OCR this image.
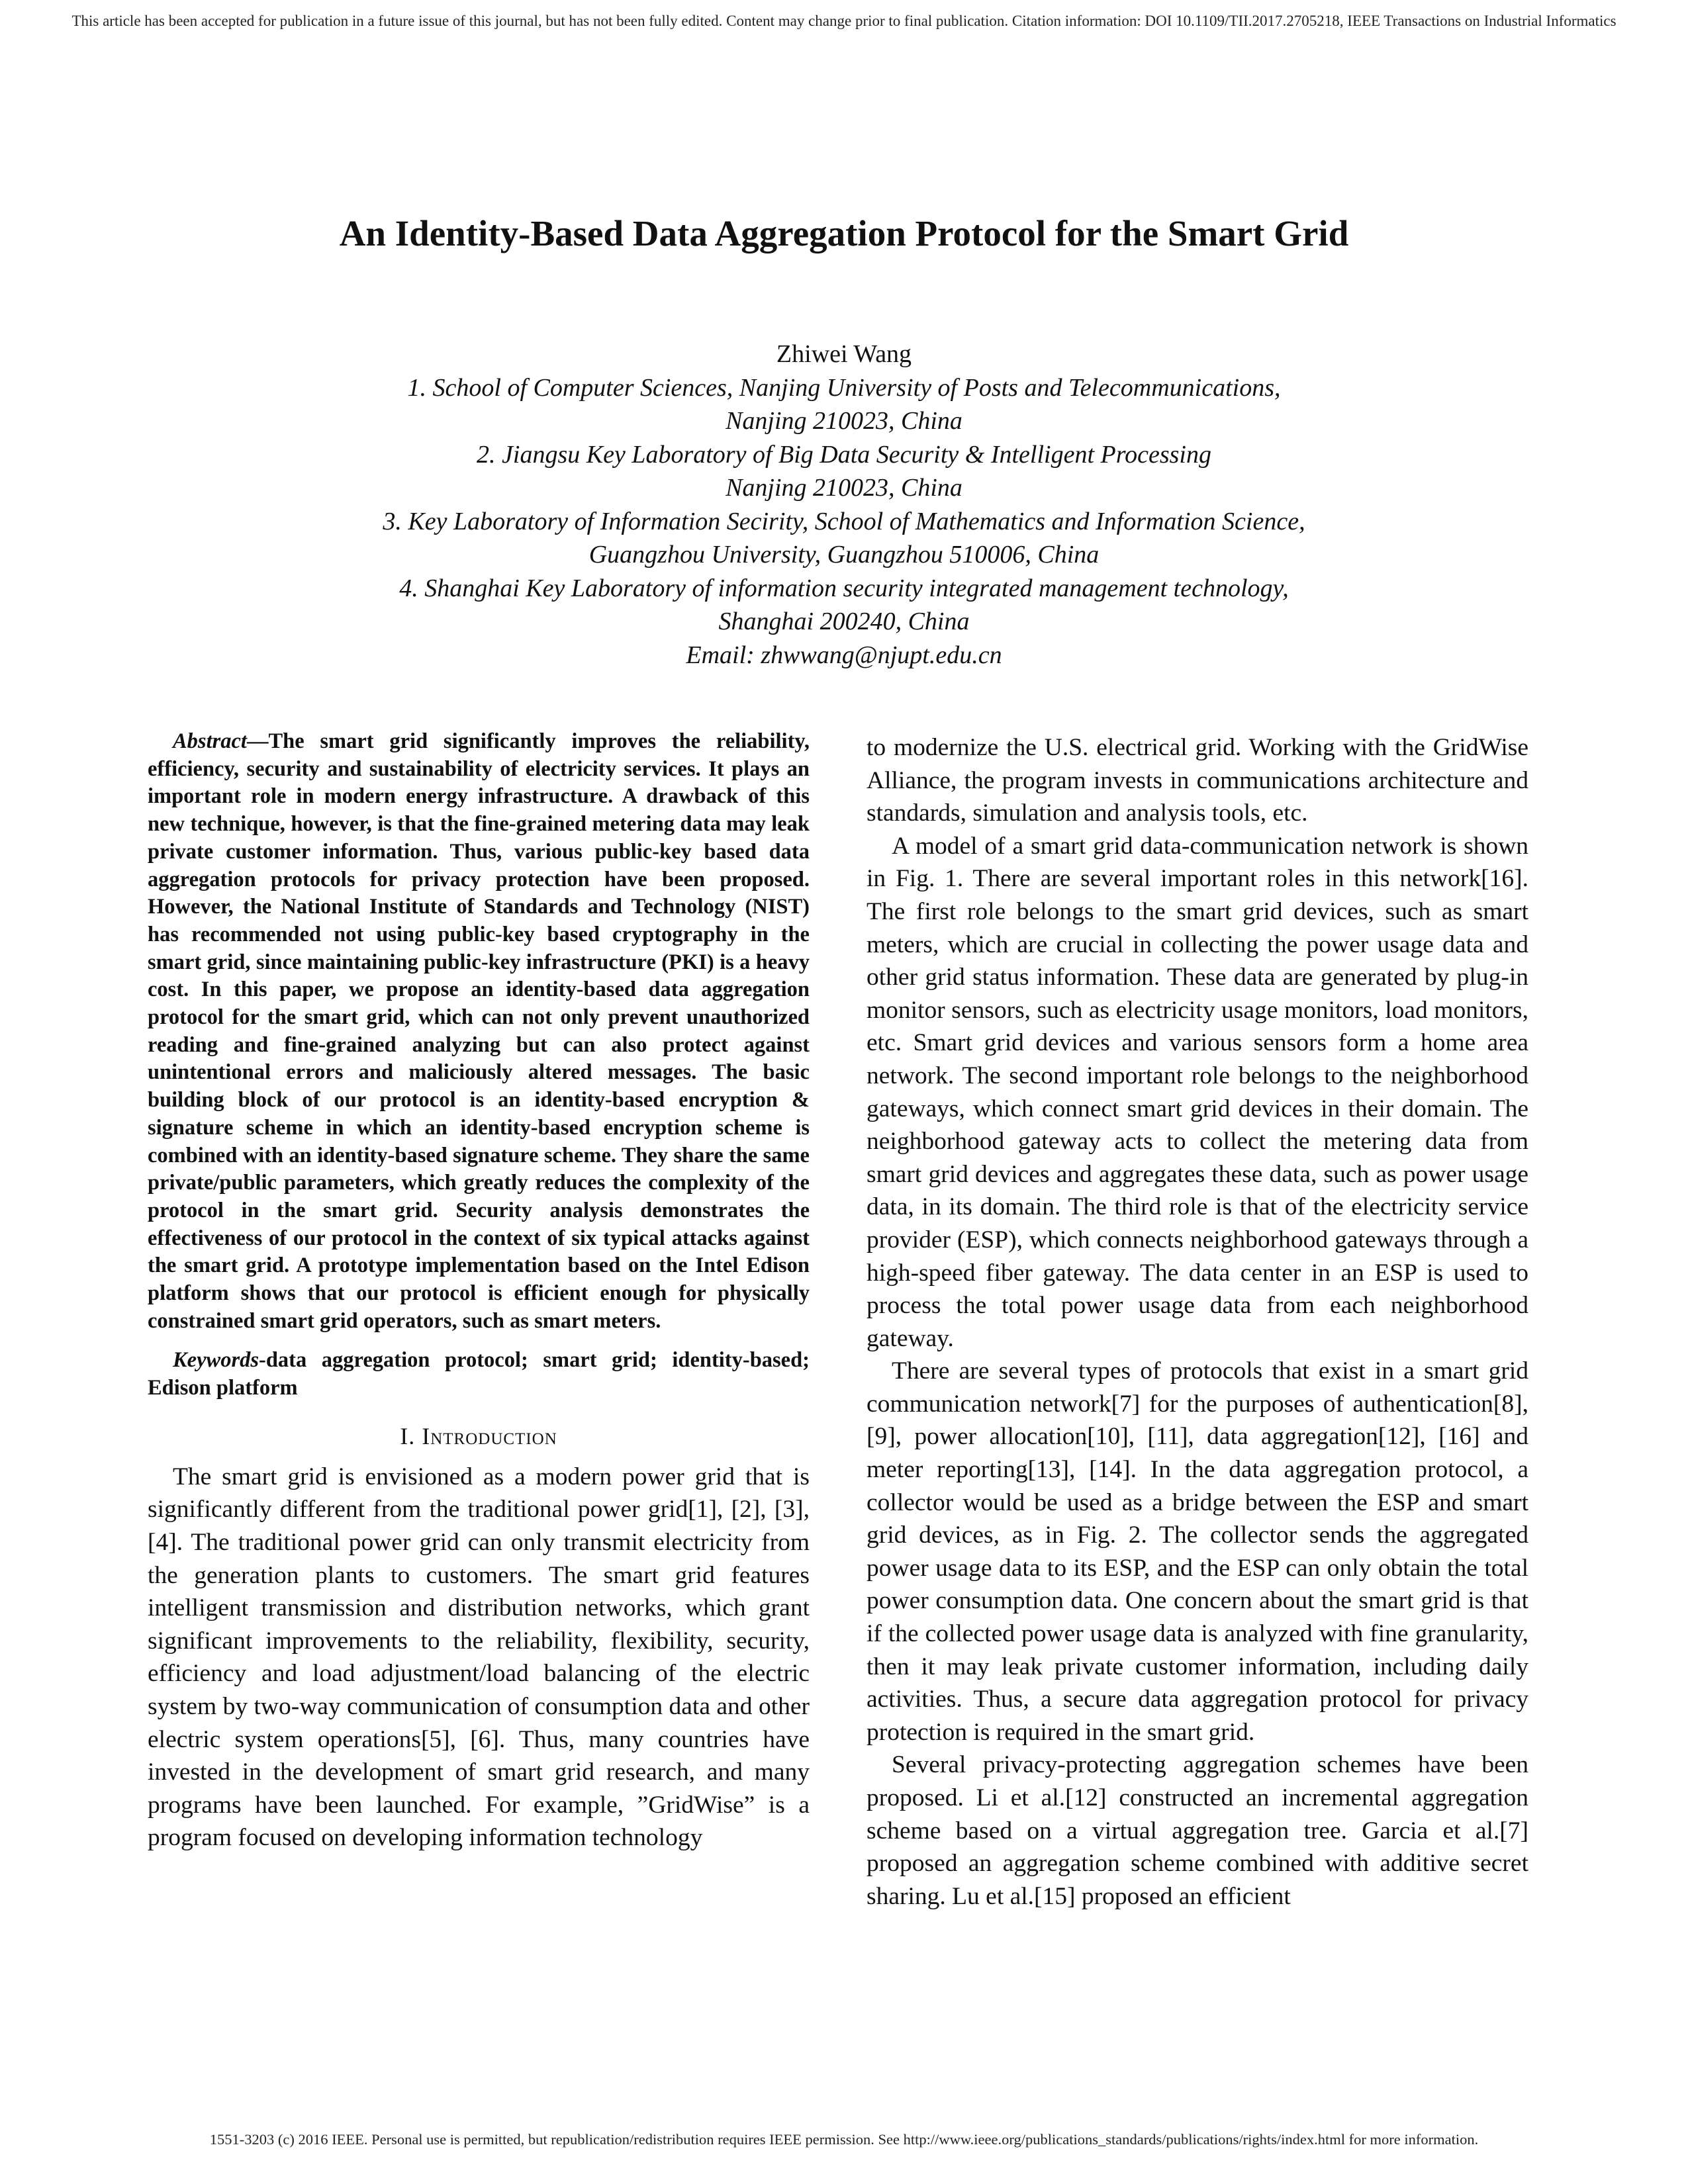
This article has been accepted for publication in a future issue of this journal, but has not been fully edited. Content may change prior to final publication. Citation information: DOI 10.1109/TII.2017.2705218, IEEE Transactions on Industrial Informatics
An Identity-Based Data Aggregation Protocol for the Smart Grid
Zhiwei Wang
1. School of Computer Sciences, Nanjing University of Posts and Telecommunications,
Nanjing 210023, China
2. Jiangsu Key Laboratory of Big Data Security & Intelligent Processing
Nanjing 210023, China
3. Key Laboratory of Information Secirity, School of Mathematics and Information Science,
Guangzhou University, Guangzhou 510006, China
4. Shanghai Key Laboratory of information security integrated management technology,
Shanghai 200240, China
Email: zhwwang@njupt.edu.cn

Abstract—The smart grid significantly improves the reliability, efficiency, security and sustainability of electricity services. It plays an important role in modern energy infrastructure. A drawback of this new technique, however, is that the fine-grained metering data may leak private customer information. Thus, various public-key based data aggregation protocols for privacy protection have been proposed. However, the National Institute of Standards and Technology (NIST) has recommended not using public-key based cryptography in the smart grid, since maintaining public-key infrastructure (PKI) is a heavy cost. In this paper, we propose an identity-based data aggregation protocol for the smart grid, which can not only prevent unauthorized reading and fine-grained analyzing but can also protect against unintentional errors and maliciously altered messages. The basic building block of our protocol is an identity-based encryption & signature scheme in which an identity-based encryption scheme is combined with an identity-based signature scheme. They share the same private/public parameters, which greatly reduces the complexity of the protocol in the smart grid. Security analysis demonstrates the effectiveness of our protocol in the context of six typical attacks against the smart grid. A prototype implementation based on the Intel Edison platform shows that our protocol is efficient enough for physically constrained smart grid operators, such as smart meters.

Keywords-data aggregation protocol; smart grid; identity-based; Edison platform

I. Introduction

The smart grid is envisioned as a modern power grid that is significantly different from the traditional power grid[1], [2], [3], [4]. The traditional power grid can only transmit electricity from the generation plants to customers. The smart grid features intelligent transmission and distribution networks, which grant significant improvements to the reliability, flexibility, security, efficiency and load adjustment/load balancing of the electric system by two-way communication of consumption data and other electric system operations[5], [6]. Thus, many countries have invested in the development of smart grid research, and many programs have been launched. For example, ”GridWise” is a program focused on developing information technology

to modernize the U.S. electrical grid. Working with the GridWise Alliance, the program invests in communications architecture and standards, simulation and analysis tools, etc.

A model of a smart grid data-communication network is shown in Fig. 1. There are several important roles in this network[16]. The first role belongs to the smart grid devices, such as smart meters, which are crucial in collecting the power usage data and other grid status information. These data are generated by plug-in monitor sensors, such as electricity usage monitors, load monitors, etc. Smart grid devices and various sensors form a home area network. The second important role belongs to the neighborhood gateways, which connect smart grid devices in their domain. The neighborhood gateway acts to collect the metering data from smart grid devices and aggregates these data, such as power usage data, in its domain. The third role is that of the electricity service provider (ESP), which connects neighborhood gateways through a high-speed fiber gateway. The data center in an ESP is used to process the total power usage data from each neighborhood gateway.

There are several types of protocols that exist in a smart grid communication network[7] for the purposes of authentication[8], [9], power allocation[10], [11], data aggregation[12], [16] and meter reporting[13], [14]. In the data aggregation protocol, a collector would be used as a bridge between the ESP and smart grid devices, as in Fig. 2. The collector sends the aggregated power usage data to its ESP, and the ESP can only obtain the total power consumption data. One concern about the smart grid is that if the collected power usage data is analyzed with fine granularity, then it may leak private customer information, including daily activities. Thus, a secure data aggregation protocol for privacy protection is required in the smart grid.

Several privacy-protecting aggregation schemes have been proposed. Li et al.[12] constructed an incremental aggregation scheme based on a virtual aggregation tree. Garcia et al.[7] proposed an aggregation scheme combined with additive secret sharing. Lu et al.[15] proposed an efficient

1551-3203 (c) 2016 IEEE. Personal use is permitted, but republication/redistribution requires IEEE permission. See http://www.ieee.org/publications_standards/publications/rights/index.html for more information.
